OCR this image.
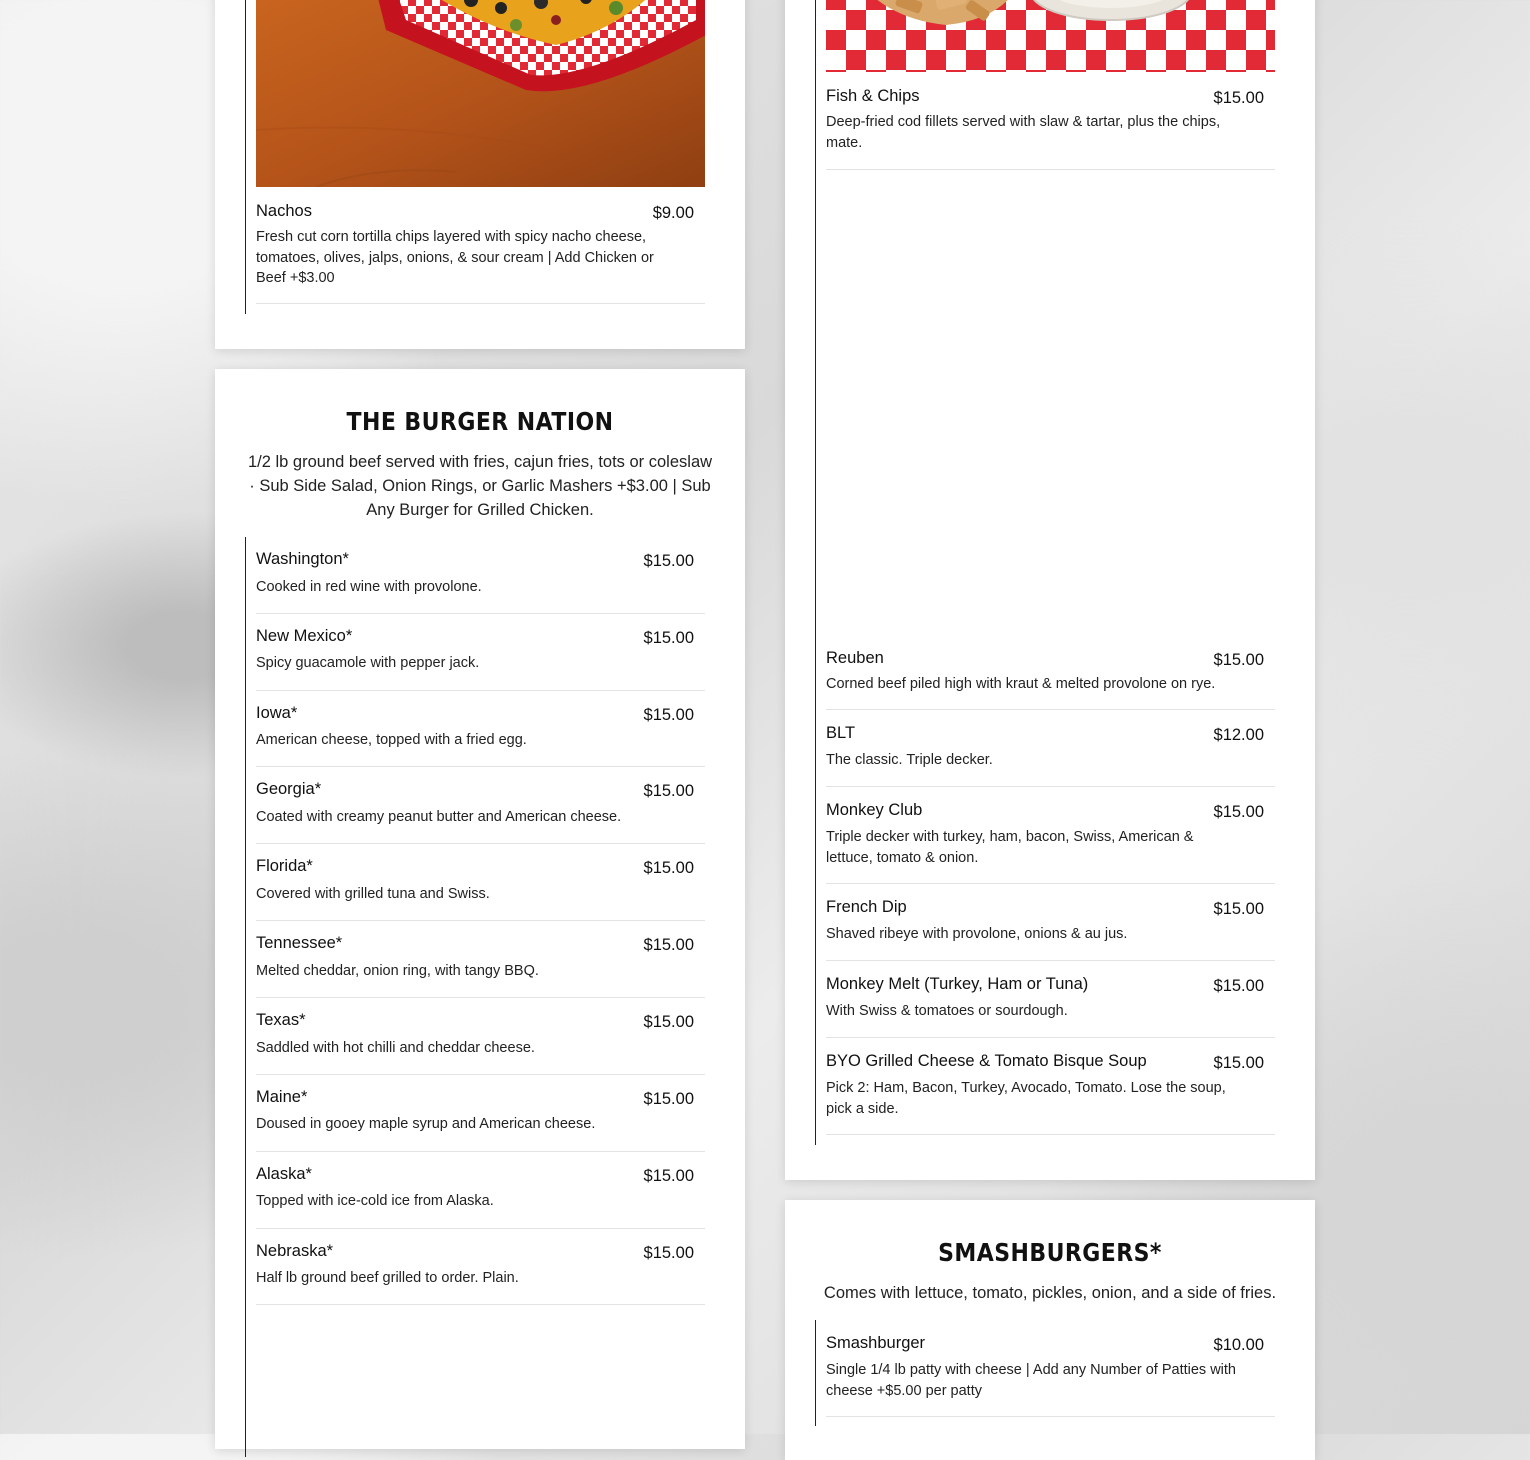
Nachos	$9.00
Fresh cut corn tortilla chips layered with spicy nacho cheese, tomatoes, olives, jalps, onions, & sour cream | Add Chicken or Beef +$3.00
THE BURGER NATION
1/2 lb ground beef served with fries, cajun fries, tots or coleslaw · Sub Side Salad, Onion Rings, or Garlic Mashers +$3.00 | Sub Any Burger for Grilled Chicken.
Washington*	$15.00
Cooked in red wine with provolone.
New Mexico*	$15.00
Spicy guacamole with pepper jack.
Iowa*	$15.00
American cheese, topped with a fried egg.
Georgia*	$15.00
Coated with creamy peanut butter and American cheese.
Florida*	$15.00
Covered with grilled tuna and Swiss.
Tennessee*	$15.00
Melted cheddar, onion ring, with tangy BBQ.
Texas*	$15.00
Saddled with hot chilli and cheddar cheese.
Maine*	$15.00
Doused in gooey maple syrup and American cheese.
Alaska*	$15.00
Topped with ice-cold ice from Alaska.
Nebraska*	$15.00
Half lb ground beef grilled to order. Plain.
Fish & Chips	$15.00
Deep-fried cod fillets served with slaw & tartar, plus the chips, mate.
Reuben	$15.00
Corned beef piled high with kraut & melted provolone on rye.
BLT	$12.00
The classic. Triple decker.
Monkey Club	$15.00
Triple decker with turkey, ham, bacon, Swiss, American & lettuce, tomato & onion.
French Dip	$15.00
Shaved ribeye with provolone, onions & au jus.
Monkey Melt (Turkey, Ham or Tuna)	$15.00
With Swiss & tomatoes or sourdough.
BYO Grilled Cheese & Tomato Bisque Soup	$15.00
Pick 2: Ham, Bacon, Turkey, Avocado, Tomato. Lose the soup, pick a side.
SMASHBURGERS*
Comes with lettuce, tomato, pickles, onion, and a side of fries.
Smashburger	$10.00
Single 1/4 lb patty with cheese | Add any Number of Patties with cheese +$5.00 per patty
